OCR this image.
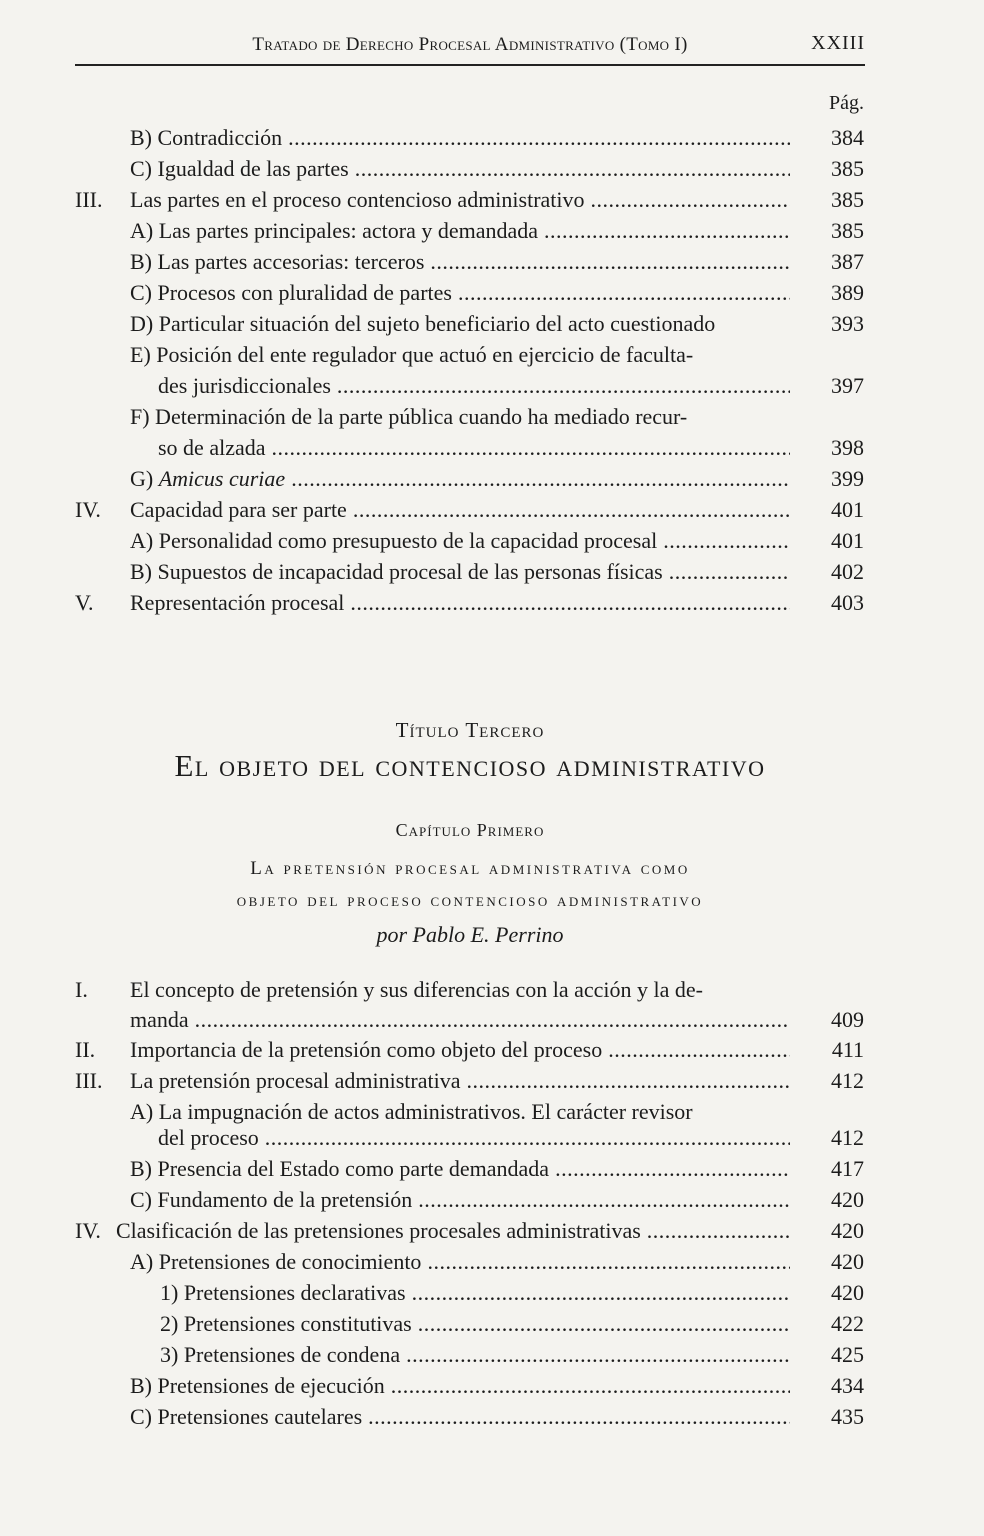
Tratado de Derecho Procesal Administrativo (Tomo I)	XXIII
Pág.
B) Contradicción .....	384
C) Igualdad de las partes .....	385
III. Las partes en el proceso contencioso administrativo .....	385
A) Las partes principales: actora y demandada .....	385
B) Las partes accesorias: terceros .....	387
C) Procesos con pluralidad de partes .....	389
D) Particular situación del sujeto beneficiario del acto cuestionado	393
E) Posición del ente regulador que actuó en ejercicio de faculta-
des jurisdiccionales .....	397
F) Determinación de la parte pública cuando ha mediado recur-
so de alzada .....	398
G) Amicus curiae .....	399
IV. Capacidad para ser parte .....	401
A) Personalidad como presupuesto de la capacidad procesal .....	401
B) Supuestos de incapacidad procesal de las personas físicas .....	402
V. Representación procesal .....	403
Título Tercero
El objeto del contencioso administrativo
Capítulo Primero
La pretensión procesal administrativa como
objeto del proceso contencioso administrativo
por Pablo E. Perrino
I. El concepto de pretensión y sus diferencias con la acción y la de-
manda .....	409
II. Importancia de la pretensión como objeto del proceso .....	411
III. La pretensión procesal administrativa .....	412
A) La impugnación de actos administrativos. El carácter revisor
del proceso .....	412
B) Presencia del Estado como parte demandada .....	417
C) Fundamento de la pretensión .....	420
IV. Clasificación de las pretensiones procesales administrativas .....	420
A) Pretensiones de conocimiento .....	420
1) Pretensiones declarativas .....	420
2) Pretensiones constitutivas .....	422
3) Pretensiones de condena .....	425
B) Pretensiones de ejecución .....	434
C) Pretensiones cautelares .....	435
